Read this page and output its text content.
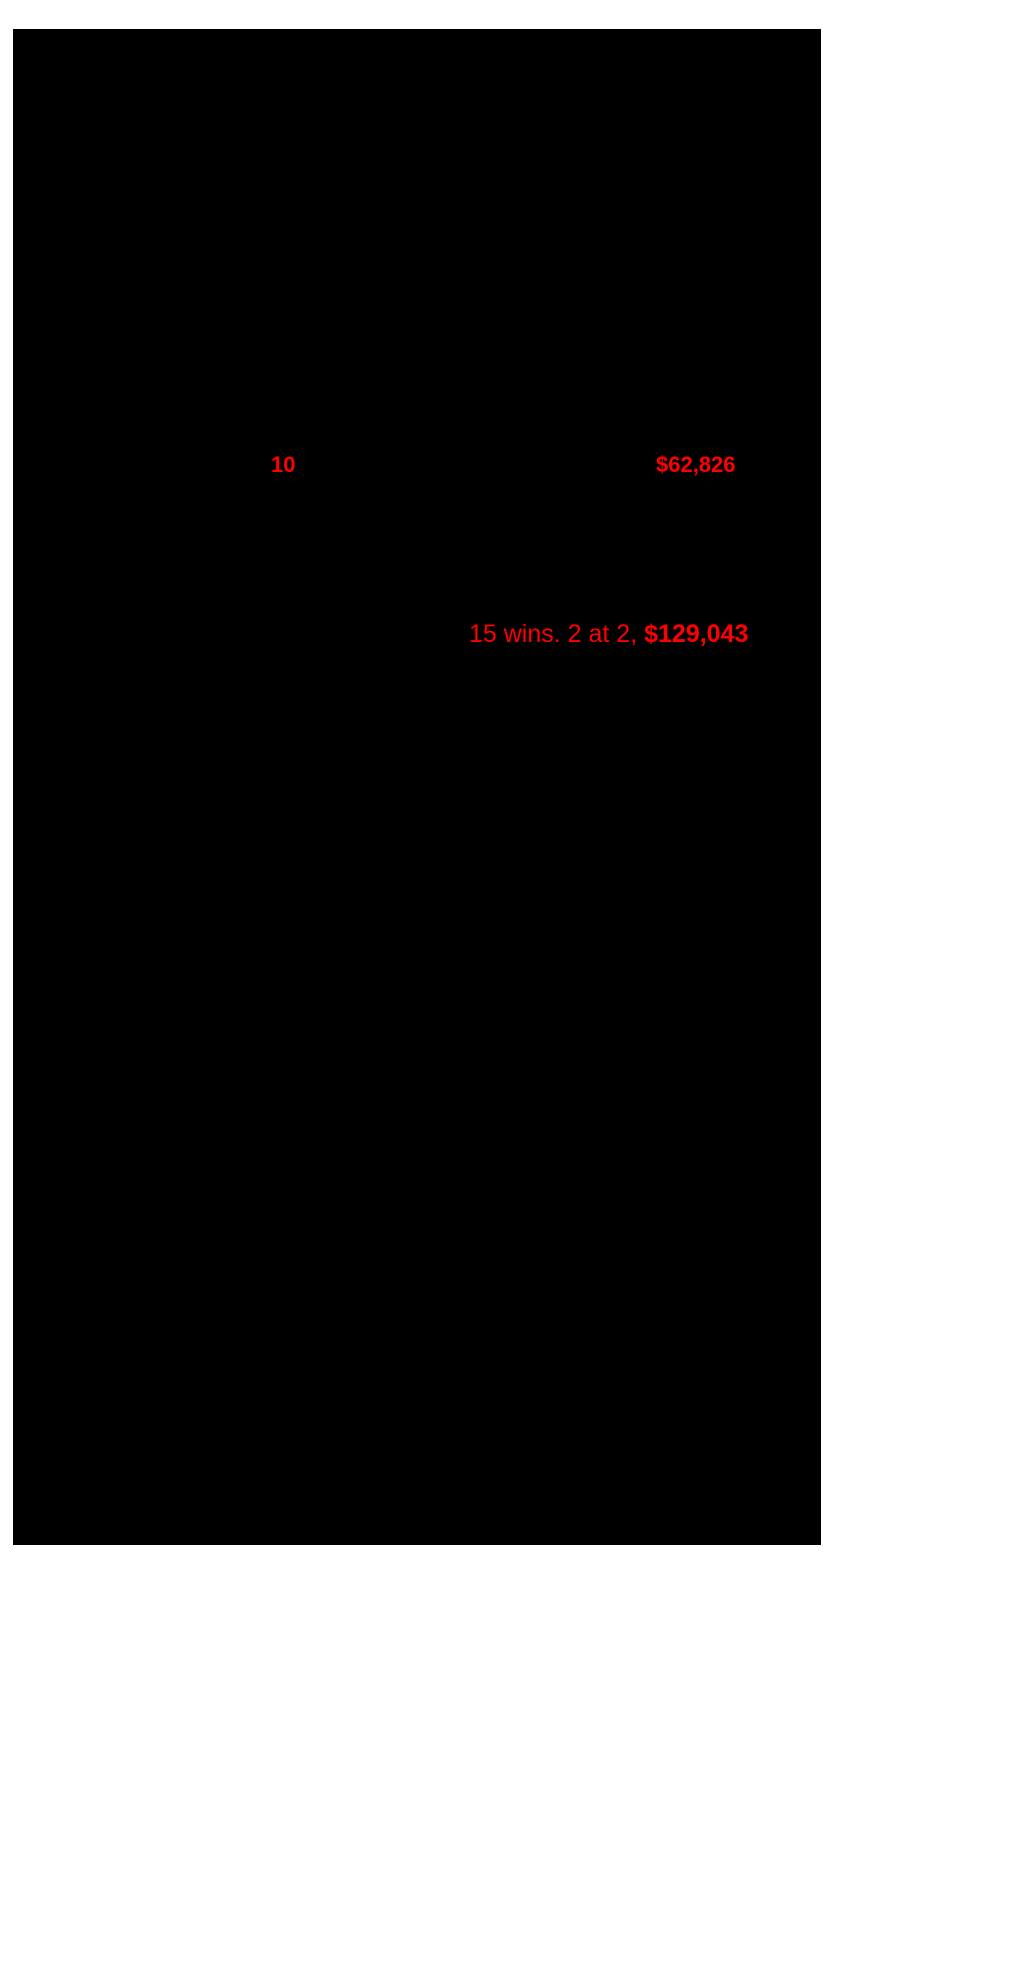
10	$62,826
15 wins. 2 at 2, $129,043
